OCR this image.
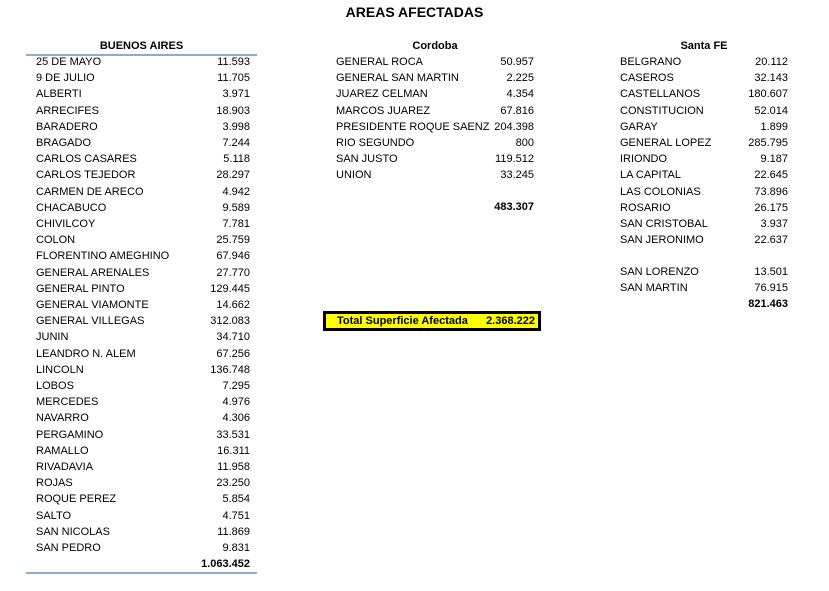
AREAS AFECTADAS
BUENOS AIRES	Cordoba	Santa FE
25 DE MAYO	11.593
9 DE JULIO	11.705
ALBERTI	3.971
ARRECIFES	18.903
BARADERO	3.998
BRAGADO	7.244
CARLOS CASARES	5.118
CARLOS TEJEDOR	28.297
CARMEN DE ARECO	4.942
CHACABUCO	9.589
CHIVILCOY	7.781
COLON	25.759
FLORENTINO AMEGHINO	67.946
GENERAL ARENALES	27.770
GENERAL PINTO	129.445
GENERAL VIAMONTE	14.662
GENERAL VILLEGAS	312.083
JUNIN	34.710
LEANDRO N. ALEM	67.256
LINCOLN	136.748
LOBOS	7.295
MERCEDES	4.976
NAVARRO	4.306
PERGAMINO	33.531
RAMALLO	16.311
RIVADAVIA	11.958
ROJAS	23.250
ROQUE PEREZ	5.854
SALTO	4.751
SAN NICOLAS	11.869
SAN PEDRO	9.831
GENERAL ROCA	50.957
GENERAL SAN MARTIN	2.225
JUAREZ CELMAN	4.354
MARCOS JUAREZ	67.816
PRESIDENTE ROQUE SAENZ 204.398
RIO SEGUNDO	800
SAN JUSTO	119.512
UNION	33.245
BELGRANO	20.112
CASEROS	32.143
CASTELLANOS	180.607
CONSTITUCION	52.014
GARAY	1.899
GENERAL LOPEZ	285.795
IRIONDO	9.187
LA CAPITAL	22.645
LAS COLONIAS	73.896
ROSARIO	26.175
SAN CRISTOBAL	3.937
SAN JERONIMO	22.637
SAN LORENZO	13.501
SAN MARTIN	76.915
1.063.452
483.307
821.463
Total Superficie Afectada 2.368.222
